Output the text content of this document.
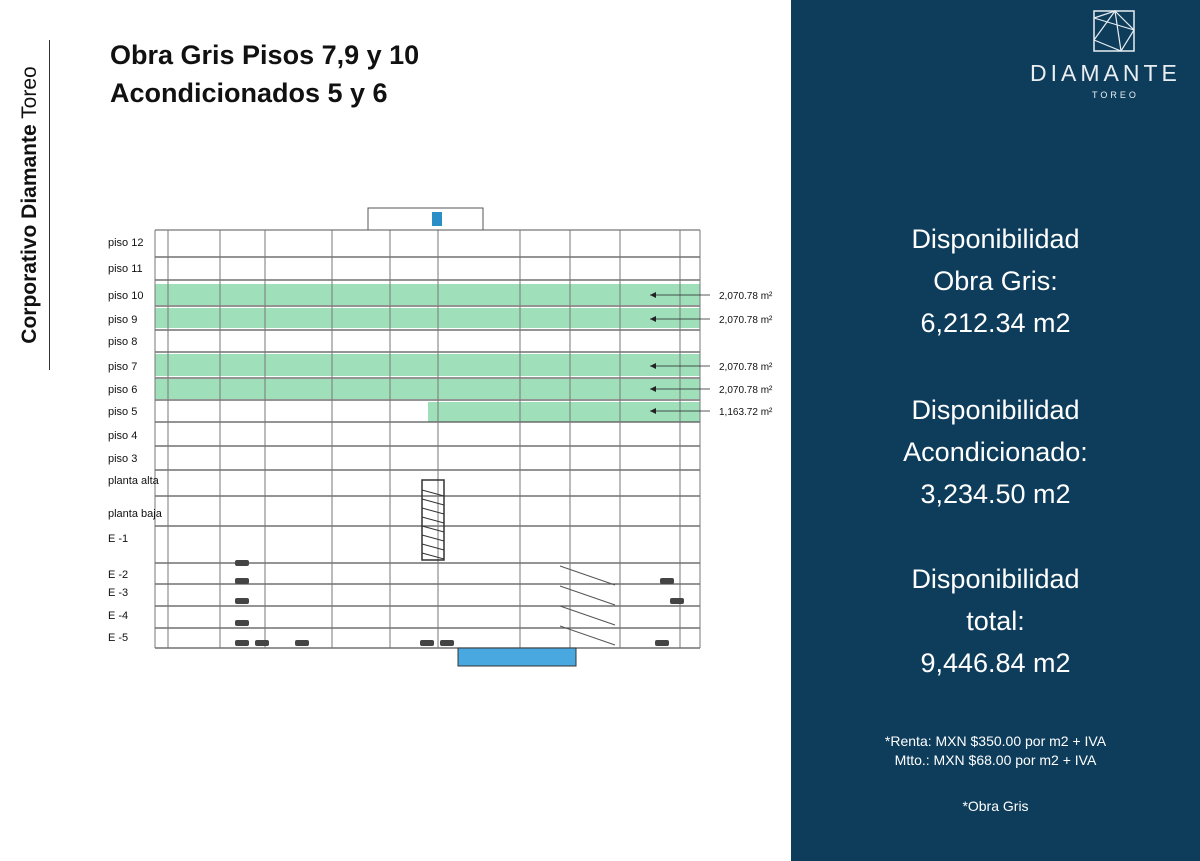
Corporativo Diamante Toreo
Obra Gris Pisos 7,9 y 10
Acondicionados 5 y 6
piso 12
piso 11
piso 10
piso 9
piso 8
piso 7
piso 6
piso 5
piso 4
piso 3
planta alta
planta baja
E -1
E -2
E -3
E -4
E -5
2,070.78 m²
2,070.78 m²
2,070.78 m²
2,070.78 m²
1,163.72 m²
DIAMANTE
TOREO
Disponibilidad
Obra Gris:
6,212.34 m2
Disponibilidad
Acondicionado:
3,234.50 m2
Disponibilidad
total:
9,446.84 m2
*Renta: MXN $350.00 por m2 + IVA
Mtto.: MXN $68.00 por m2 + IVA
*Obra Gris
